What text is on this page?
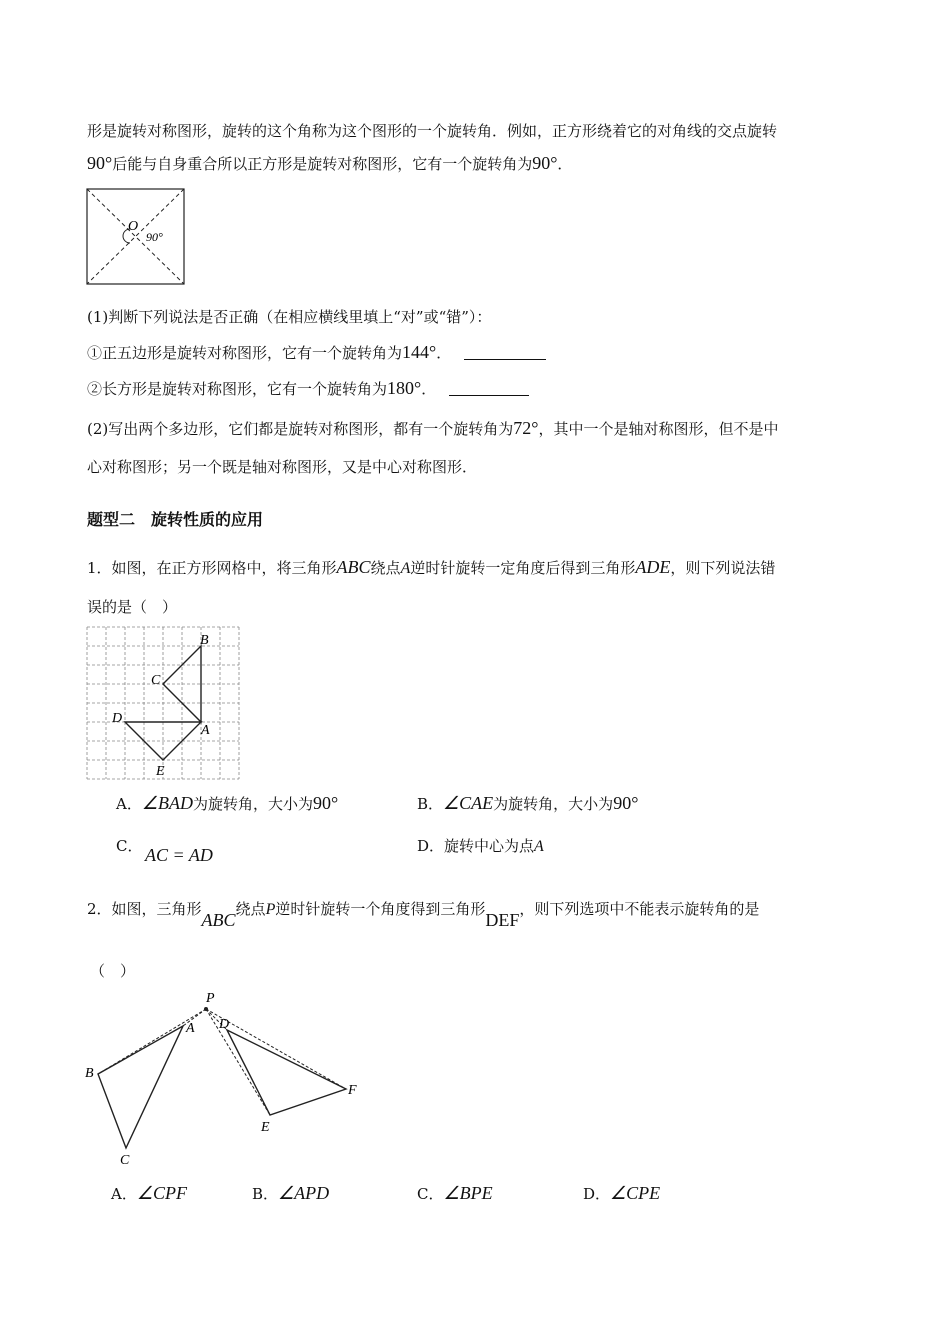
形是旋转对称图形，旋转的这个角称为这个图形的一个旋转角．例如，正方形绕着它的对角线的交点旋转
90°后能与自身重合所以正方形是旋转对称图形，它有一个旋转角为90°．
O
90°
(1)判断下列说法是否正确（在相应横线里填上“对”或“错”）：
①正五边形是旋转对称图形，它有一个旋转角为144°．
②长方形是旋转对称图形，它有一个旋转角为180°．
(2)写出两个多边形，它们都是旋转对称图形，都有一个旋转角为72°，其中一个是轴对称图形，但不是中
心对称图形；另一个既是轴对称图形，又是中心对称图形．
题型二　旋转性质的应用
1．如图，在正方形网格中，将三角形ABC绕点A逆时针旋转一定角度后得到三角形ADE，则下列说法错
误的是（　）
B
C
D
A
E
A．∠BAD为旋转角，大小为90°	B．∠CAE为旋转角，大小为90°
C． AC = AD	D．旋转中心为点A
2．如图，三角形ABC绕点P逆时针旋转一个角度得到三角形DEF，则下列选项中不能表示旋转角的是
（　）
P
A
B
C
D
E
F
A．∠CPF	B．∠APD	C．∠BPE	D．∠CPE
